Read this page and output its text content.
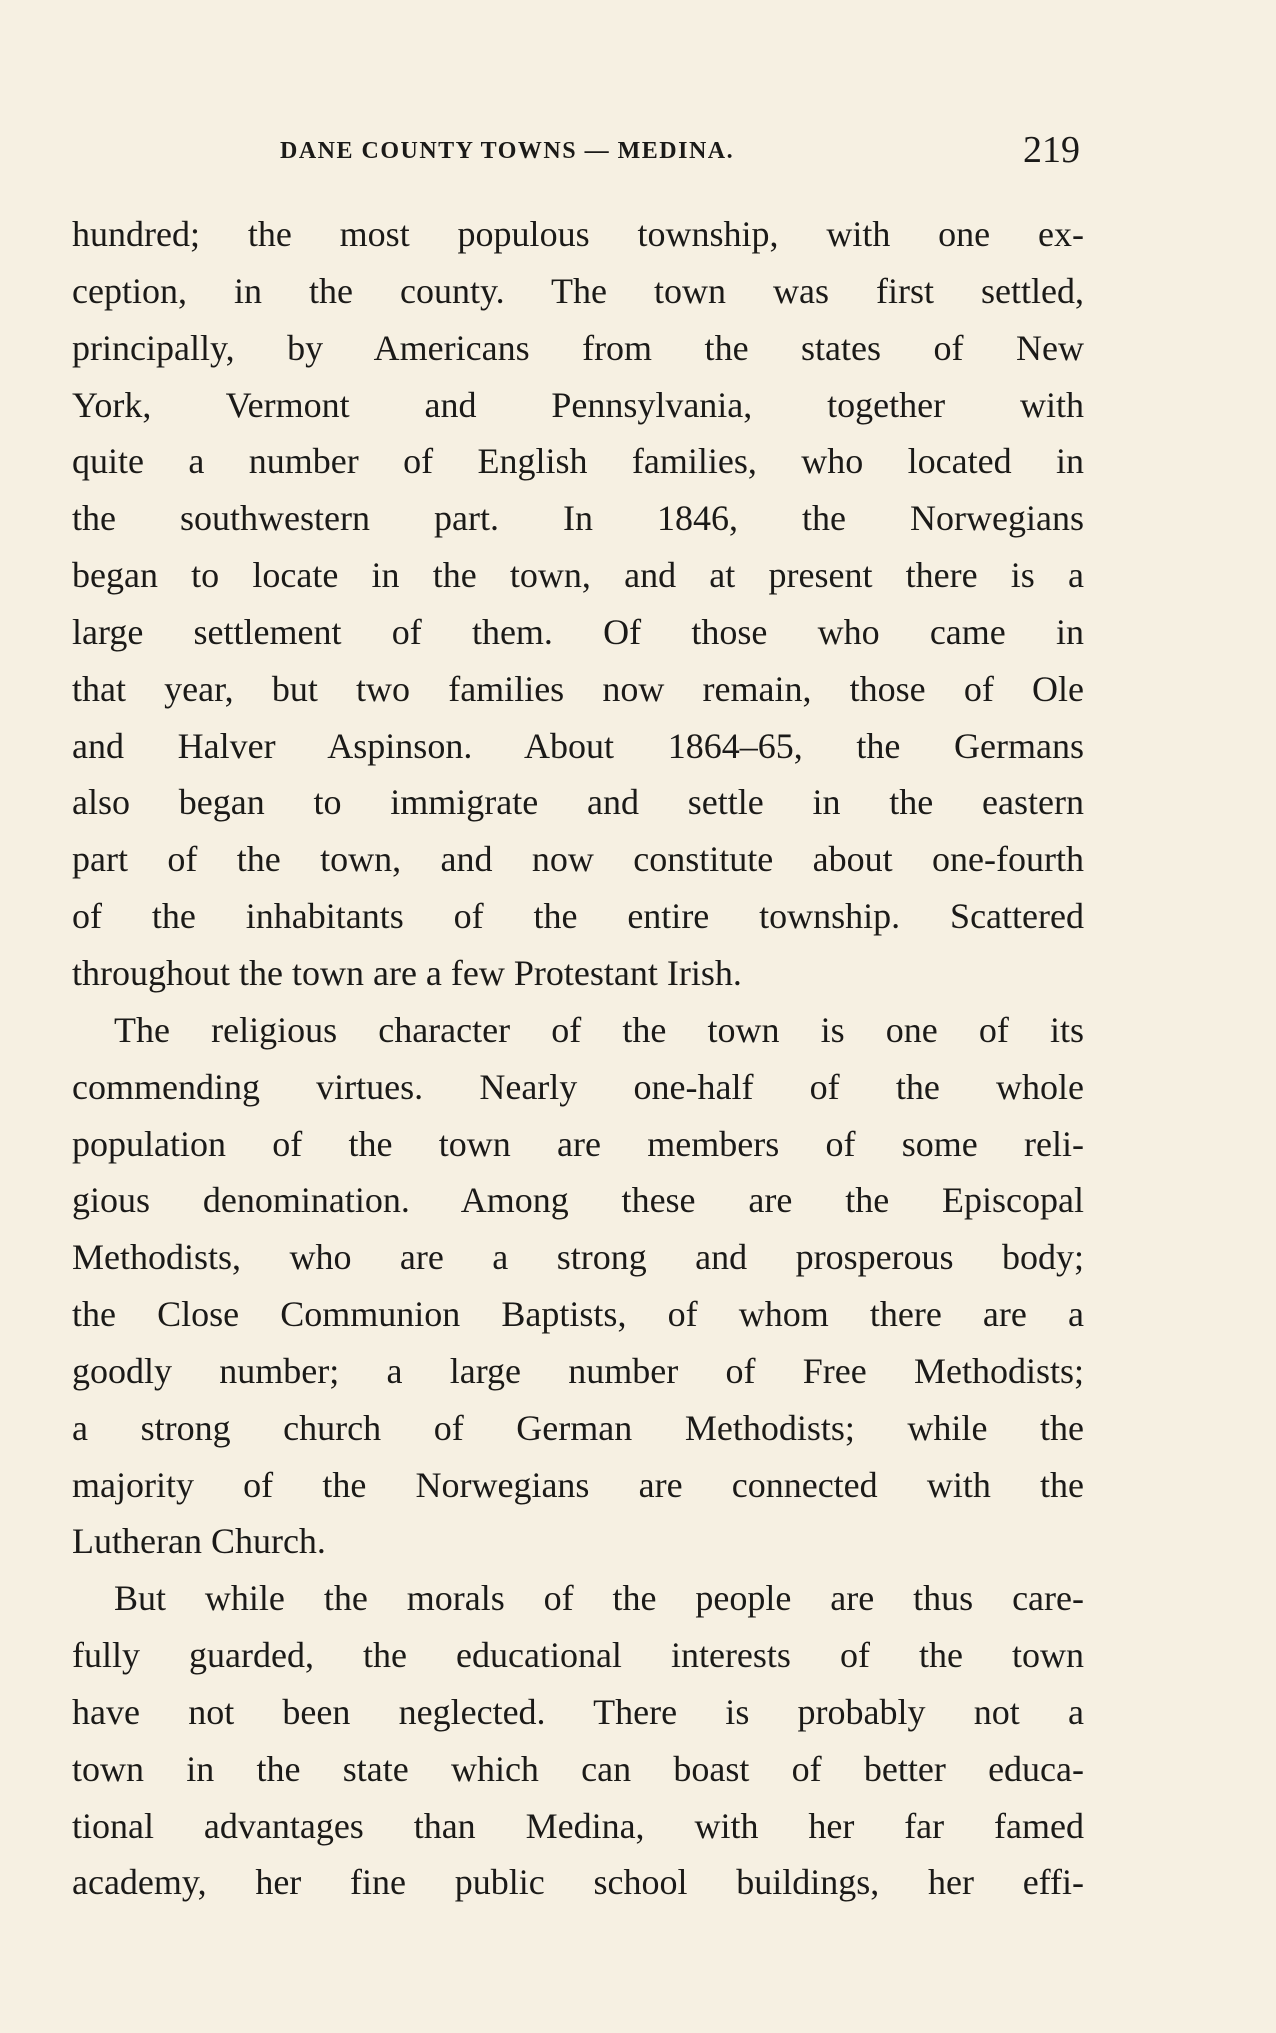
DANE COUNTY TOWNS — MEDINA.	219
hundred; the most populous township, with one ex-
ception, in the county. The town was first settled,
principally, by Americans from the states of New
York, Vermont and Pennsylvania, together with
quite a number of English families, who located in
the southwestern part. In 1846, the Norwegians
began to locate in the town, and at present there is a
large settlement of them. Of those who came in
that year, but two families now remain, those of Ole
and Halver Aspinson. About 1864–65, the Germans
also began to immigrate and settle in the eastern
part of the town, and now constitute about one-fourth
of the inhabitants of the entire township. Scattered
throughout the town are a few Protestant Irish.
The religious character of the town is one of its
commending virtues. Nearly one-half of the whole
population of the town are members of some reli-
gious denomination. Among these are the Episcopal
Methodists, who are a strong and prosperous body;
the Close Communion Baptists, of whom there are a
goodly number; a large number of Free Methodists;
a strong church of German Methodists; while the
majority of the Norwegians are connected with the
Lutheran Church.
But while the morals of the people are thus care-
fully guarded, the educational interests of the town
have not been neglected. There is probably not a
town in the state which can boast of better educa-
tional advantages than Medina, with her far famed
academy, her fine public school buildings, her effi-
